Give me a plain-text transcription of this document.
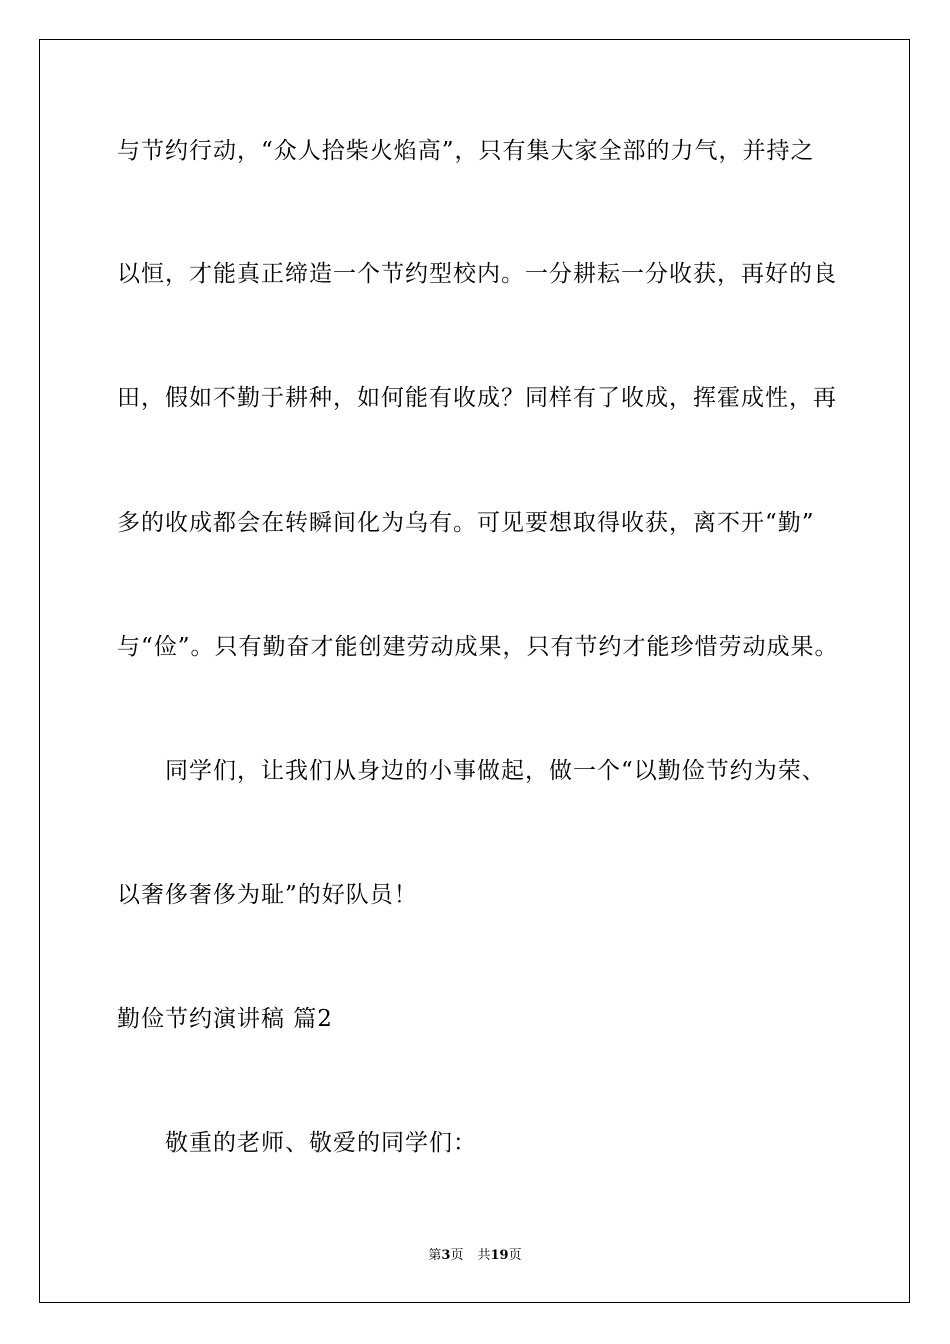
与节约行动，“众人拾柴火焰高”，只有集大家全部的力气，并持之
以恒，才能真正缔造一个节约型校内。一分耕耘一分收获，再好的良
田，假如不勤于耕种，如何能有收成？同样有了收成，挥霍成性，再
多的收成都会在转瞬间化为乌有。可见要想取得收获，离不开“勤”
与“俭”。只有勤奋才能创建劳动成果，只有节约才能珍惜劳动成果。
同学们，让我们从身边的小事做起，做一个“以勤俭节约为荣、
以奢侈奢侈为耻”的好队员！
勤俭节约演讲稿 篇2
敬重的老师、敬爱的同学们：
第3页 共19页
